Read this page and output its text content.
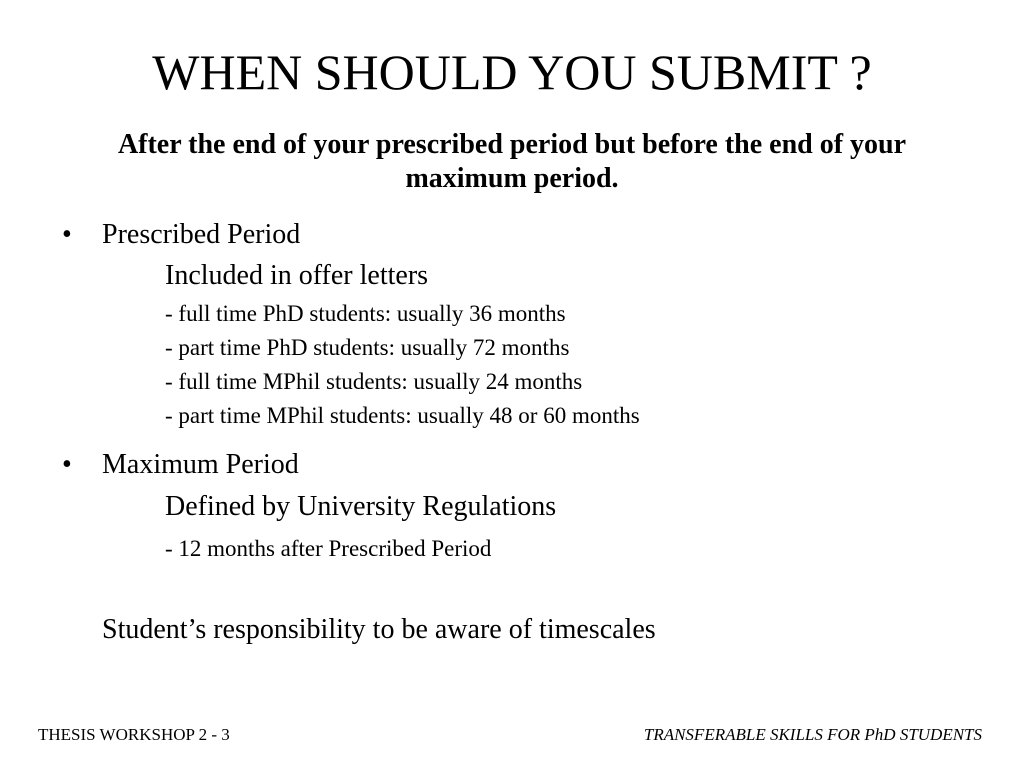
WHEN SHOULD YOU SUBMIT ?
After the end of your prescribed period but before the end of your maximum period.
• Prescribed Period
Included in offer letters
- full time PhD students: usually 36 months
- part time PhD students: usually 72 months
- full time MPhil students: usually 24 months
- part time MPhil students: usually 48 or 60 months
• Maximum Period
Defined by University Regulations
- 12 months after Prescribed Period
Student’s responsibility to be aware of timescales
THESIS WORKSHOP 2 - 3	TRANSFERABLE SKILLS FOR PhD STUDENTS
